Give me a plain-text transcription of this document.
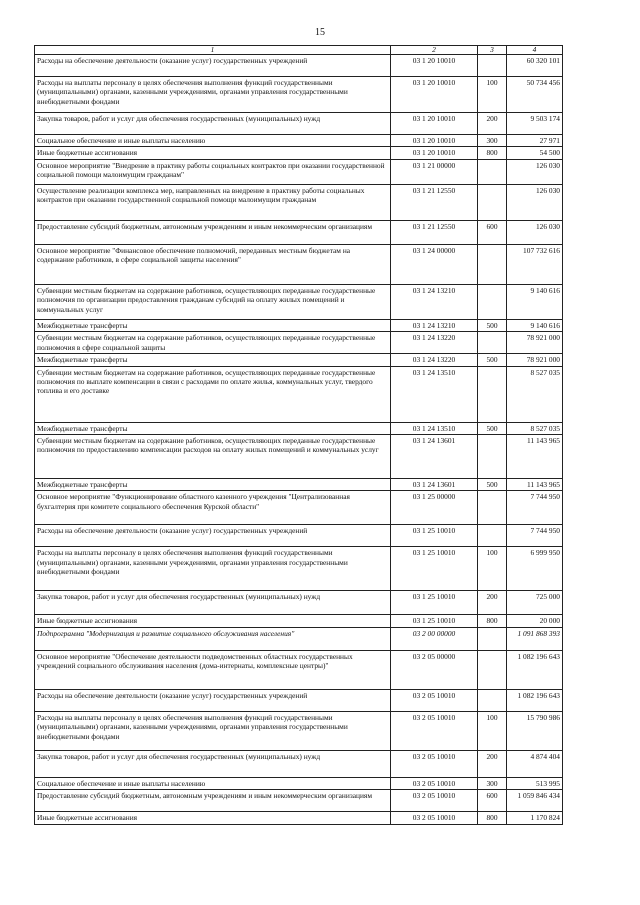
15
1	2	3	4
Расходы на обеспечение деятельности (оказание услуг) государственных учреждений	03 1 20 10010		60 320 101
Расходы на выплаты персоналу в целях обеспечения выполнения функций государственными (муниципальными) органами, казенными учреждениями, органами управления государственными внебюджетными фондами	03 1 20 10010	100	50 734 456
Закупка товаров, работ и услуг для обеспечения государственных (муниципальных) нужд	03 1 20 10010	200	9 503 174
Социальное обеспечение и иные выплаты населению	03 1 20 10010	300	27 971
Иные бюджетные ассигнования	03 1 20 10010	800	54 500
Основное мероприятие "Внедрение в практику работы социальных контрактов при оказании государственной социальной помощи малоимущим гражданам"	03 1 21 00000		126 030
Осуществление реализации комплекса мер, направленных на внедрение в практику работы социальных контрактов при оказании государственной социальной помощи малоимущим гражданам	03 1 21 12550		126 030
Предоставление субсидий бюджетным, автономным учреждениям и иным некоммерческим организациям	03 1 21 12550	600	126 030
Основное мероприятие "Финансовое обеспечение полномочий, переданных местным бюджетам на содержание работников, в сфере социальной защиты населения"	03 1 24 00000		107 732 616
Субвенции местным бюджетам на содержание работников, осуществляющих переданные государственные полномочия по организации предоставления гражданам субсидий на оплату жилых помещений и коммунальных услуг	03 1 24 13210		9 140 616
Межбюджетные трансферты	03 1 24 13210	500	9 140 616
Субвенции местным бюджетам на содержание работников, осуществляющих переданные государственные полномочия в сфере социальной защиты	03 1 24 13220		78 921 000
Межбюджетные трансферты	03 1 24 13220	500	78 921 000
Субвенции местным бюджетам на содержание работников, осуществляющих переданные государственные полномочия по выплате компенсации в связи с расходами по оплате жилья, коммунальных услуг, твердого топлива и его доставке	03 1 24 13510		8 527 035
Межбюджетные трансферты	03 1 24 13510	500	8 527 035
Субвенции местным бюджетам на содержание работников, осуществляющих переданные государственные полномочия по предоставлению компенсации расходов на оплату жилых помещений и коммунальных услуг	03 1 24 13601		11 143 965
Межбюджетные трансферты	03 1 24 13601	500	11 143 965
Основное мероприятие "Функционирование областного казенного учреждения "Централизованная бухгалтерия при комитете социального обеспечения Курской области"	03 1 25 00000		7 744 950
Расходы на обеспечение деятельности (оказание услуг) государственных учреждений	03 1 25 10010		7 744 950
Расходы на выплаты персоналу в целях обеспечения выполнения функций государственными (муниципальными) органами, казенными учреждениями, органами управления государственными внебюджетными фондами	03 1 25 10010	100	6 999 950
Закупка товаров, работ и услуг для обеспечения государственных (муниципальных) нужд	03 1 25 10010	200	725 000
Иные бюджетные ассигнования	03 1 25 10010	800	20 000
Подпрограмма "Модернизация и развитие социального обслуживания населения"	03 2 00 00000		1 091 868 393
Основное мероприятие "Обеспечение деятельности подведомственных областных государственных учреждений социального обслуживания населения (дома-интернаты, комплексные центры)"	03 2 05 00000		1 082 196 643
Расходы на обеспечение деятельности (оказание услуг) государственных учреждений	03 2 05 10010		1 082 196 643
Расходы на выплаты персоналу в целях обеспечения выполнения функций государственными (муниципальными) органами, казенными учреждениями, органами управления государственными внебюджетными фондами	03 2 05 10010	100	15 790 986
Закупка товаров, работ и услуг для обеспечения государственных (муниципальных) нужд	03 2 05 10010	200	4 874 404
Социальное обеспечение и иные выплаты населению	03 2 05 10010	300	513 995
Предоставление субсидий бюджетным, автономным учреждениям и иным некоммерческим организациям	03 2 05 10010	600	1 059 846 434
Иные бюджетные ассигнования	03 2 05 10010	800	1 170 824
